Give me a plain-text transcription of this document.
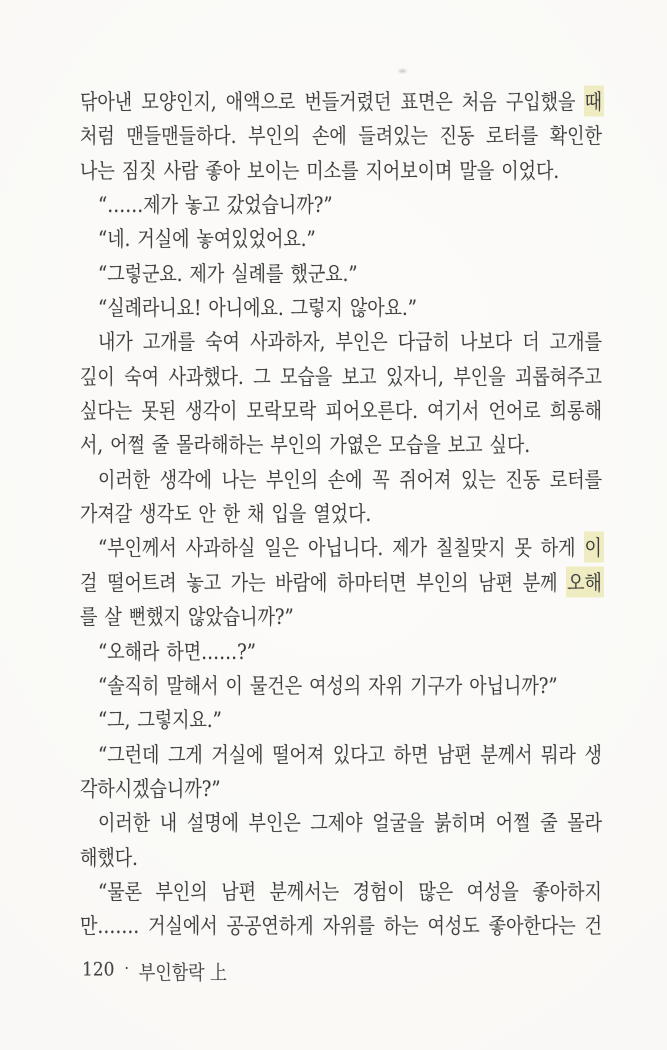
닦아낸 모양인지, 애액으로 번들거렸던 표면은 처음 구입했을 때
처럼 맨들맨들하다. 부인의 손에 들려있는 진동 로터를 확인한
나는 짐짓 사람 좋아 보이는 미소를 지어보이며 말을 이었다.
“……제가 놓고 갔었습니까?”
“네. 거실에 놓여있었어요.”
“그렇군요. 제가 실례를 했군요.”
“실례라니요! 아니에요. 그렇지 않아요.”
내가 고개를 숙여 사과하자, 부인은 다급히 나보다 더 고개를
깊이 숙여 사과했다. 그 모습을 보고 있자니, 부인을 괴롭혀주고
싶다는 못된 생각이 모락모락 피어오른다. 여기서 언어로 희롱해
서, 어쩔 줄 몰라해하는 부인의 가엾은 모습을 보고 싶다.
이러한 생각에 나는 부인의 손에 꼭 쥐어져 있는 진동 로터를
가져갈 생각도 안 한 채 입을 열었다.
“부인께서 사과하실 일은 아닙니다. 제가 칠칠맞지 못 하게 이
걸 떨어트려 놓고 가는 바람에 하마터면 부인의 남편 분께 오해
를 살 뻔했지 않았습니까?”
“오해라 하면……?”
“솔직히 말해서 이 물건은 여성의 자위 기구가 아닙니까?”
“그, 그렇지요.”
“그런데 그게 거실에 떨어져 있다고 하면 남편 분께서 뭐라 생
각하시겠습니까?”
이러한 내 설명에 부인은 그제야 얼굴을 붉히며 어쩔 줄 몰라
해했다.
“물론 부인의 남편 분께서는 경험이 많은 여성을 좋아하지
만……. 거실에서 공공연하게 자위를 하는 여성도 좋아한다는 건
120 · 부인함락 上
